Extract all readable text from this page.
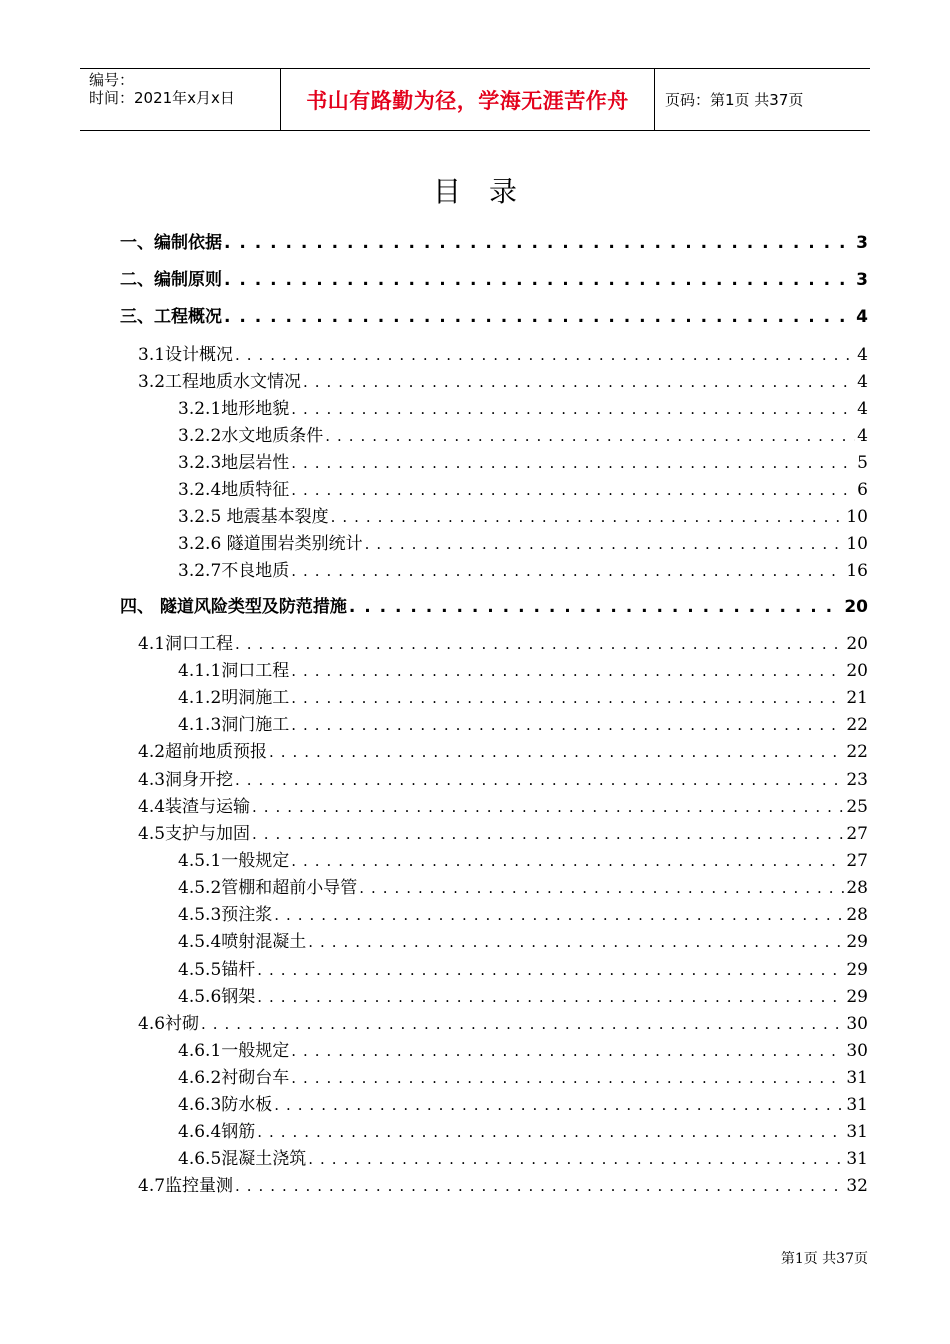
编号：
时间：2021年x月x日	书山有路勤为径，学海无涯苦作舟 页码：第1页 共37页
目录
一、编制依据 . . .	3
二、编制原则 . . .	3
三、工程概况 . . .	4
3.1设计概况 . . .	4
3.2工程地质水文情况 . . .	4
3.2.1地形地貌 . . .	4
3.2.2水文地质条件 . . .	4
3.2.3地层岩性 . . .	5
3.2.4地质特征 . . .	6
3.2.5 地震基本裂度 . . .	10
3.2.6 隧道围岩类别统计 . . .	10
3.2.7不良地质 . . .	16
四、 隧道风险类型及防范措施 . . .	20
4.1洞口工程 . . .	20
4.1.1洞口工程 . . .	20
4.1.2明洞施工 . . .	21
4.1.3洞门施工 . . .	22
4.2超前地质预报 . . .	22
4.3洞身开挖 . . .	23
4.4装渣与运输 . . .	25
4.5支护与加固 . . .	27
4.5.1一般规定 . . .	27
4.5.2管棚和超前小导管 . . .	28
4.5.3预注浆 . . .	28
4.5.4喷射混凝土 . . .	29
4.5.5锚杆 . . .	29
4.5.6钢架 . . .	29
4.6衬砌 . . .	30
4.6.1一般规定 . . .	30
4.6.2衬砌台车 . . .	31
4.6.3防水板 . . .	31
4.6.4钢筋 . . .	31
4.6.5混凝土浇筑 . . .	31
4.7监控量测 . . .	32
第1页 共37页
